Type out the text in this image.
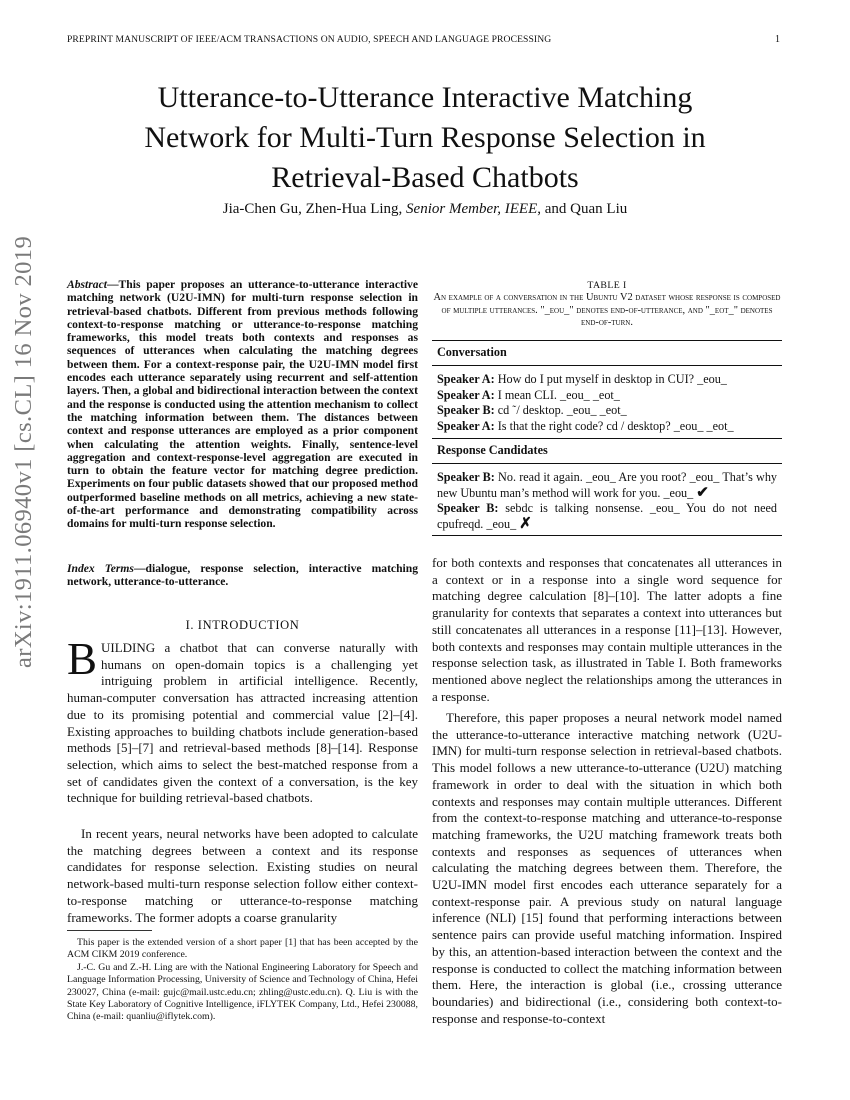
PREPRINT MANUSCRIPT OF IEEE/ACM TRANSACTIONS ON AUDIO, SPEECH AND LANGUAGE PROCESSING	1
Utterance-to-Utterance Interactive Matching
Network for Multi-Turn Response Selection in
Retrieval-Based Chatbots
Jia-Chen Gu, Zhen-Hua Ling, Senior Member, IEEE, and Quan Liu
arXiv:1911.06940v1 [cs.CL] 16 Nov 2019	Abstract—This paper proposes an utterance-to-utterance interactive matching network (U2U-IMN) for multi-turn response selection in retrieval-based chatbots. Different from previous methods following context-to-response matching or utterance-to-response matching frameworks, this model treats both contexts and responses as sequences of utterances when calculating the matching degrees between them. For a context-response pair, the U2U-IMN model first encodes each utterance separately using recurrent and self-attention layers. Then, a global and bidirectional interaction between the context and the response is conducted using the attention mechanism to collect the matching information between them. The distances between context and response utterances are employed as a prior component when calculating the attention weights. Finally, sentence-level aggregation and context-response-level aggregation are executed in turn to obtain the feature vector for matching degree prediction. Experiments on four public datasets showed that our proposed method outperformed baseline methods on all metrics, achieving a new state-of-the-art performance and demonstrating compatibility across domains for multi-turn response selection.
Index Terms—dialogue, response selection, interactive matching network, utterance-to-utterance.
I. INTRODUCTION
BUILDING a chatbot that can converse naturally with humans on open-domain topics is a challenging yet intriguing problem in artificial intelligence. Recently, human-computer conversation has attracted increasing attention due to its promising potential and commercial value [2]–[4]. Existing approaches to building chatbots include generation-based methods [5]–[7] and retrieval-based methods [8]–[14]. Response selection, which aims to select the best-matched response from a set of candidates given the context of a conversation, is the key technique for building retrieval-based chatbots.
In recent years, neural networks have been adopted to calculate the matching degrees between a context and its response candidates for response selection. Existing studies on neural network-based multi-turn response selection follow either context-to-response matching or utterance-to-response matching frameworks. The former adopts a coarse granularity

This paper is the extended version of a short paper [1] that has been accepted by the ACM CIKM 2019 conference.

J.-C. Gu and Z.-H. Ling are with the National Engineering Laboratory for Speech and Language Information Processing, University of Science and Technology of China, Hefei 230027, China (e-mail: gujc@mail.ustc.edu.cn; zhling@ustc.edu.cn). Q. Liu is with the State Key Laboratory of Cognitive Intelligence, iFLYTEK Company, Ltd., Hefei 230088, China (e-mail: quanliu@iflytek.com).

TABLE I
An example of a conversation in the Ubuntu V2 dataset whose response is composed of multiple utterances. "_eou_" denotes end-of-utterance, and "_eot_" denotes end-of-turn.
Conversation
Speaker A: How do I put myself in desktop in CUI? _eou_
Speaker A: I mean CLI. _eou_ _eot_
Speaker B: cd ˜/ desktop. _eou_ _eot_
Speaker A: Is that the right code? cd / desktop? _eou_ _eot_
Response Candidates
Speaker B: No. read it again. _eou_ Are you root? _eou_ That’s why new Ubuntu man’s method will work for you. _eou_ ✔
Speaker B: sebdc is talking nonsense. _eou_ You do not need cpufreqd. _eou_ ✗
for both contexts and responses that concatenates all utterances in a context or in a response into a single word sequence for matching degree calculation [8]–[10]. The latter adopts a fine granularity for contexts that separates a context into utterances but still concatenates all utterances in a response [11]–[13]. However, both contexts and responses may contain multiple utterances in the response selection task, as illustrated in Table I. Both frameworks mentioned above neglect the relationships among the utterances in a response.
Therefore, this paper proposes a neural network model named the utterance-to-utterance interactive matching network (U2U-IMN) for multi-turn response selection in retrieval-based chatbots. This model follows a new utterance-to-utterance (U2U) matching framework in order to deal with the situation in which both contexts and responses may contain multiple utterances. Different from the context-to-response matching and utterance-to-response matching frameworks, the U2U matching framework treats both contexts and responses as sequences of utterances when calculating the matching degrees between them. Therefore, the U2U-IMN model first encodes each utterance separately for a context-response pair. A previous study on natural language inference (NLI) [15] found that performing interactions between sentence pairs can provide useful matching information. Inspired by this, an attention-based interaction between the context and the response is conducted to collect the matching information between them. Here, the interaction is global (i.e., crossing utterance boundaries) and bidirectional (i.e., considering both context-to-response and response-to-context
